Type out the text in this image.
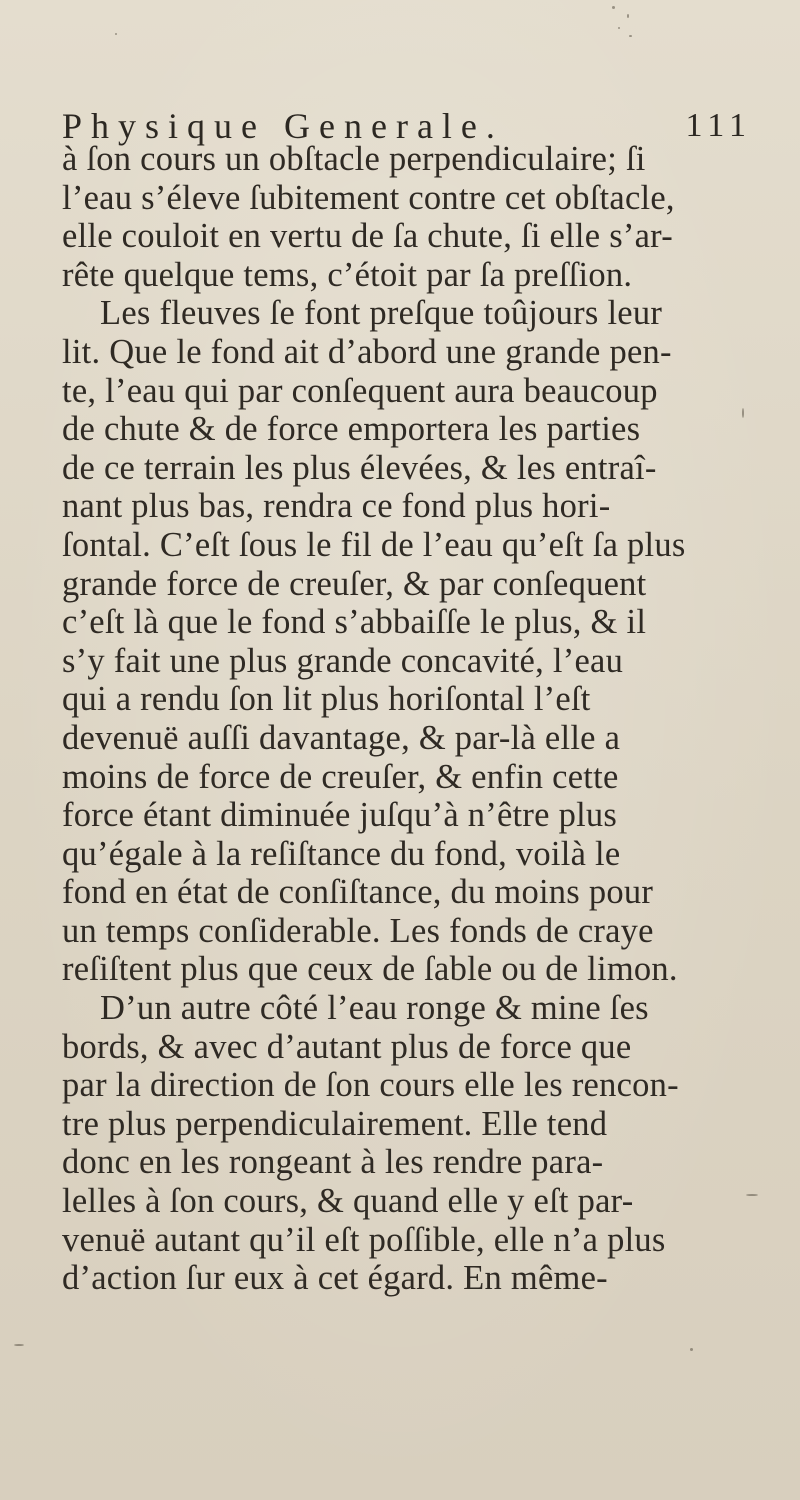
Physique Generale.	111
à ſon cours un obſtacle perpendiculaire; ſi
l’eau s’éleve ſubitement contre cet obſtacle,
elle couloit en vertu de ſa chute, ſi elle s’ar-
rête quelque tems, c’étoit par ſa preſſion.
Les fleuves ſe font preſque toûjours leur
lit. Que le fond ait d’abord une grande pen-
te, l’eau qui par conſequent aura beaucoup
de chute & de force emportera les parties
de ce terrain les plus élevées, & les entraî-
nant plus bas, rendra ce fond plus hori-
ſontal. C’eſt ſous le fil de l’eau qu’eſt ſa plus
grande force de creuſer, & par conſequent
c’eſt là que le fond s’abbaiſſe le plus, & il
s’y fait une plus grande concavité, l’eau
qui a rendu ſon lit plus horiſontal l’eſt
devenuë auſſi davantage, & par-là elle a
moins de force de creuſer, & enfin cette
force étant diminuée juſqu’à n’être plus
qu’égale à la reſiſtance du fond, voilà le
fond en état de conſiſtance, du moins pour
un temps conſiderable. Les fonds de craye
reſiſtent plus que ceux de ſable ou de limon.
D’un autre côté l’eau ronge & mine ſes
bords, & avec d’autant plus de force que
par la direction de ſon cours elle les rencon-
tre plus perpendiculairement. Elle tend
donc en les rongeant à les rendre para-
lelles à ſon cours, & quand elle y eſt par-
venuë autant qu’il eſt poſſible, elle n’a plus
d’action ſur eux à cet égard. En même-
